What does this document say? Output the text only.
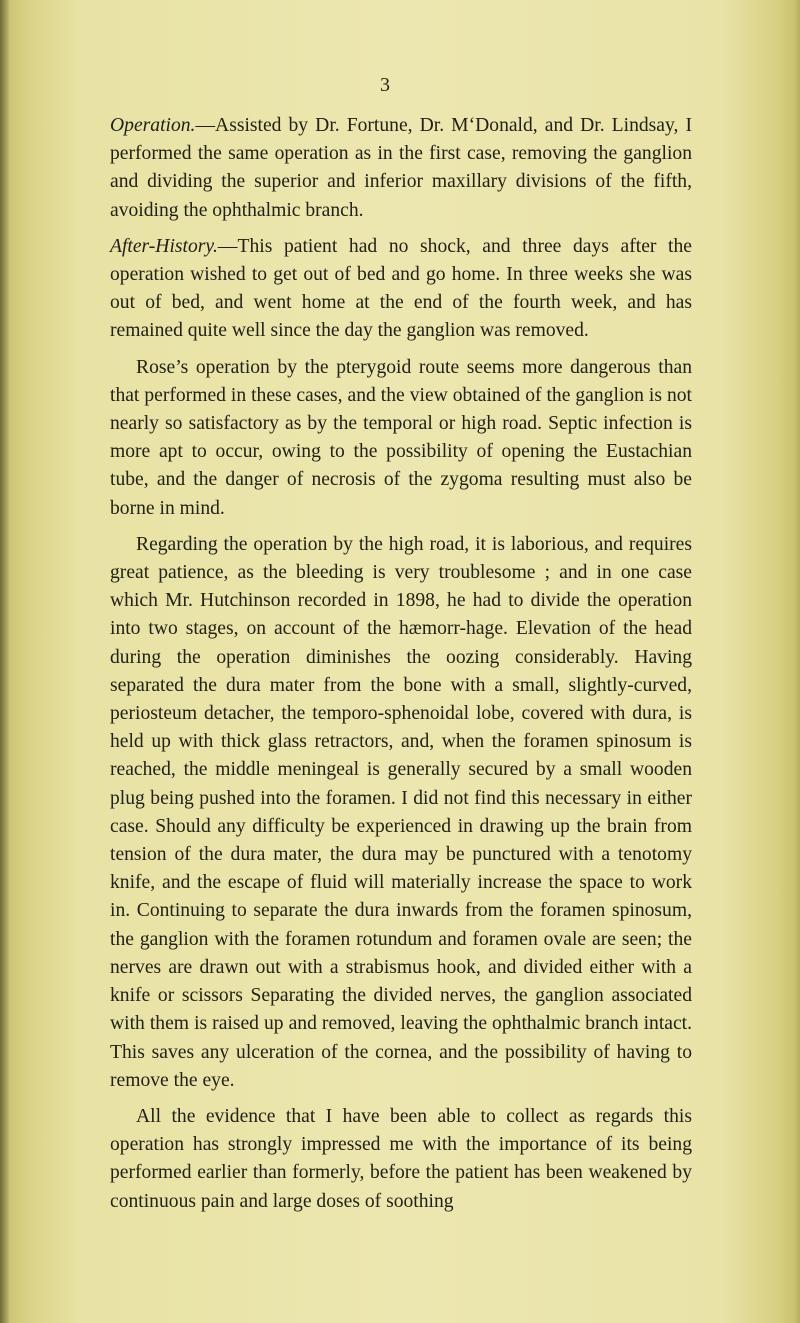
3

Operation.—Assisted by Dr. Fortune, Dr. M‘Donald, and Dr. Lindsay, I performed the same operation as in the first case, removing the ganglion and dividing the superior and inferior maxillary divisions of the fifth, avoiding the ophthalmic branch.

After-History.—This patient had no shock, and three days after the operation wished to get out of bed and go home. In three weeks she was out of bed, and went home at the end of the fourth week, and has remained quite well since the day the ganglion was removed.

Rose’s operation by the pterygoid route seems more dangerous than that performed in these cases, and the view obtained of the ganglion is not nearly so satisfactory as by the temporal or high road. Septic infection is more apt to occur, owing to the possibility of opening the Eustachian tube, and the danger of necrosis of the zygoma resulting must also be borne in mind.

Regarding the operation by the high road, it is laborious, and requires great patience, as the bleeding is very troublesome ; and in one case which Mr. Hutchinson recorded in 1898, he had to divide the operation into two stages, on account of the hæmorr-hage. Elevation of the head during the operation diminishes the oozing considerably. Having separated the dura mater from the bone with a small, slightly-curved, periosteum detacher, the temporo-sphenoidal lobe, covered with dura, is held up with thick glass retractors, and, when the foramen spinosum is reached, the middle meningeal is generally secured by a small wooden plug being pushed into the foramen. I did not find this necessary in either case. Should any difficulty be experienced in drawing up the brain from tension of the dura mater, the dura may be punctured with a tenotomy knife, and the escape of fluid will materially increase the space to work in. Continuing to separate the dura inwards from the foramen spinosum, the ganglion with the foramen rotundum and foramen ovale are seen; the nerves are drawn out with a strabismus hook, and divided either with a knife or scissors Separating the divided nerves, the ganglion associated with them is raised up and removed, leaving the ophthalmic branch intact. This saves any ulceration of the cornea, and the possibility of having to remove the eye.

All the evidence that I have been able to collect as regards this operation has strongly impressed me with the importance of its being performed earlier than formerly, before the patient has been weakened by continuous pain and large doses of soothing
